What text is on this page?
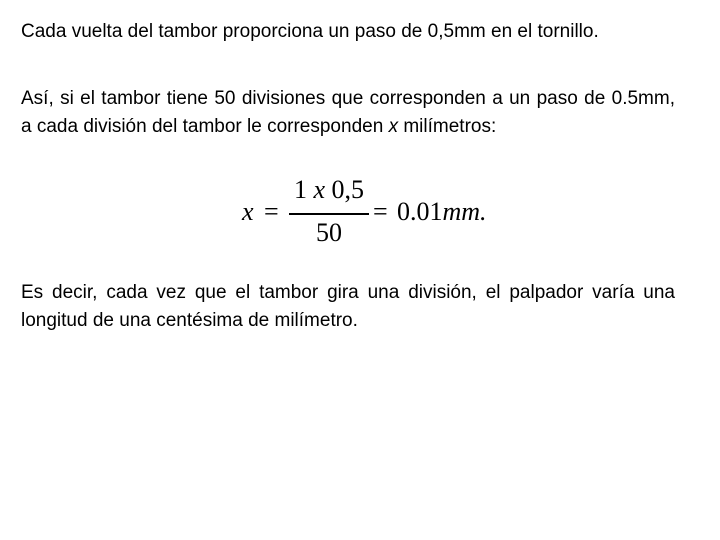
Cada vuelta del tambor proporciona un paso de 0,5mm en el tornillo.

Así, si el tambor tiene 50 divisiones que corresponden a un paso de 0.5mm, a cada división del tambor le corresponden x milímetros:

x =
1 x 0,5
50
= 0.01mm.

Es decir, cada vez que el tambor gira una división, el palpador varía una longitud de una centésima de milímetro.
